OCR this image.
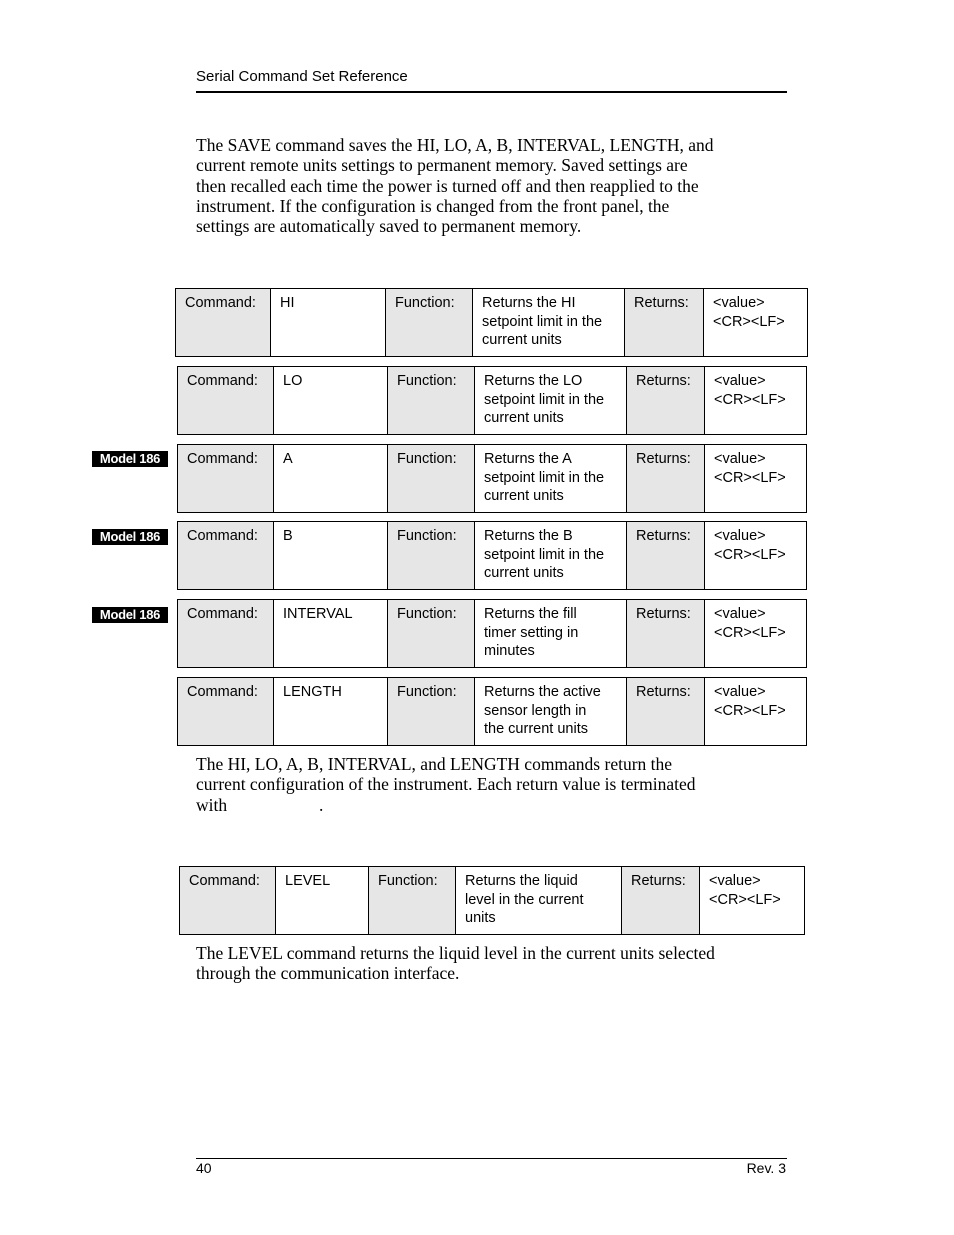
Serial Command Set Reference
The SAVE command saves the HI, LO, A, B, INTERVAL, LENGTH, and
current remote units settings to permanent memory. Saved settings are
then recalled each time the power is turned off and then reapplied to the
instrument. If the configuration is changed from the front panel, the
settings are automatically saved to permanent memory.
Command:	HI	Function:	Returns the HI
setpoint limit in the
current units
	Returns:	<value>
<CR><LF>
Command:	LO	Function:	Returns the LO
setpoint limit in the
current units
	Returns:	<value>
<CR><LF>
Model 186	Command:	A	Function:	Returns the A
setpoint limit in the
current units
	Returns:	<value>
<CR><LF>
Model 186	Command:	B	Function:	Returns the B
setpoint limit in the
current units
	Returns:	<value>
<CR><LF>
Model 186	Command:	INTERVAL	Function:	Returns the fill
timer setting in
minutes
	Returns:	<value>
<CR><LF>
Command:	LENGTH	Function:	Returns the active
sensor length in
the current units
	Returns:	<value>
<CR><LF>
The HI, LO, A, B, INTERVAL, and LENGTH commands return the
current configuration of the instrument. Each return value is terminated
with                     .
Command:	LEVEL	Function:	Returns the liquid
level in the current
units
	Returns:	<value>
<CR><LF>
The LEVEL command returns the liquid level in the current units selected
through the communication interface.
40	Rev. 3
